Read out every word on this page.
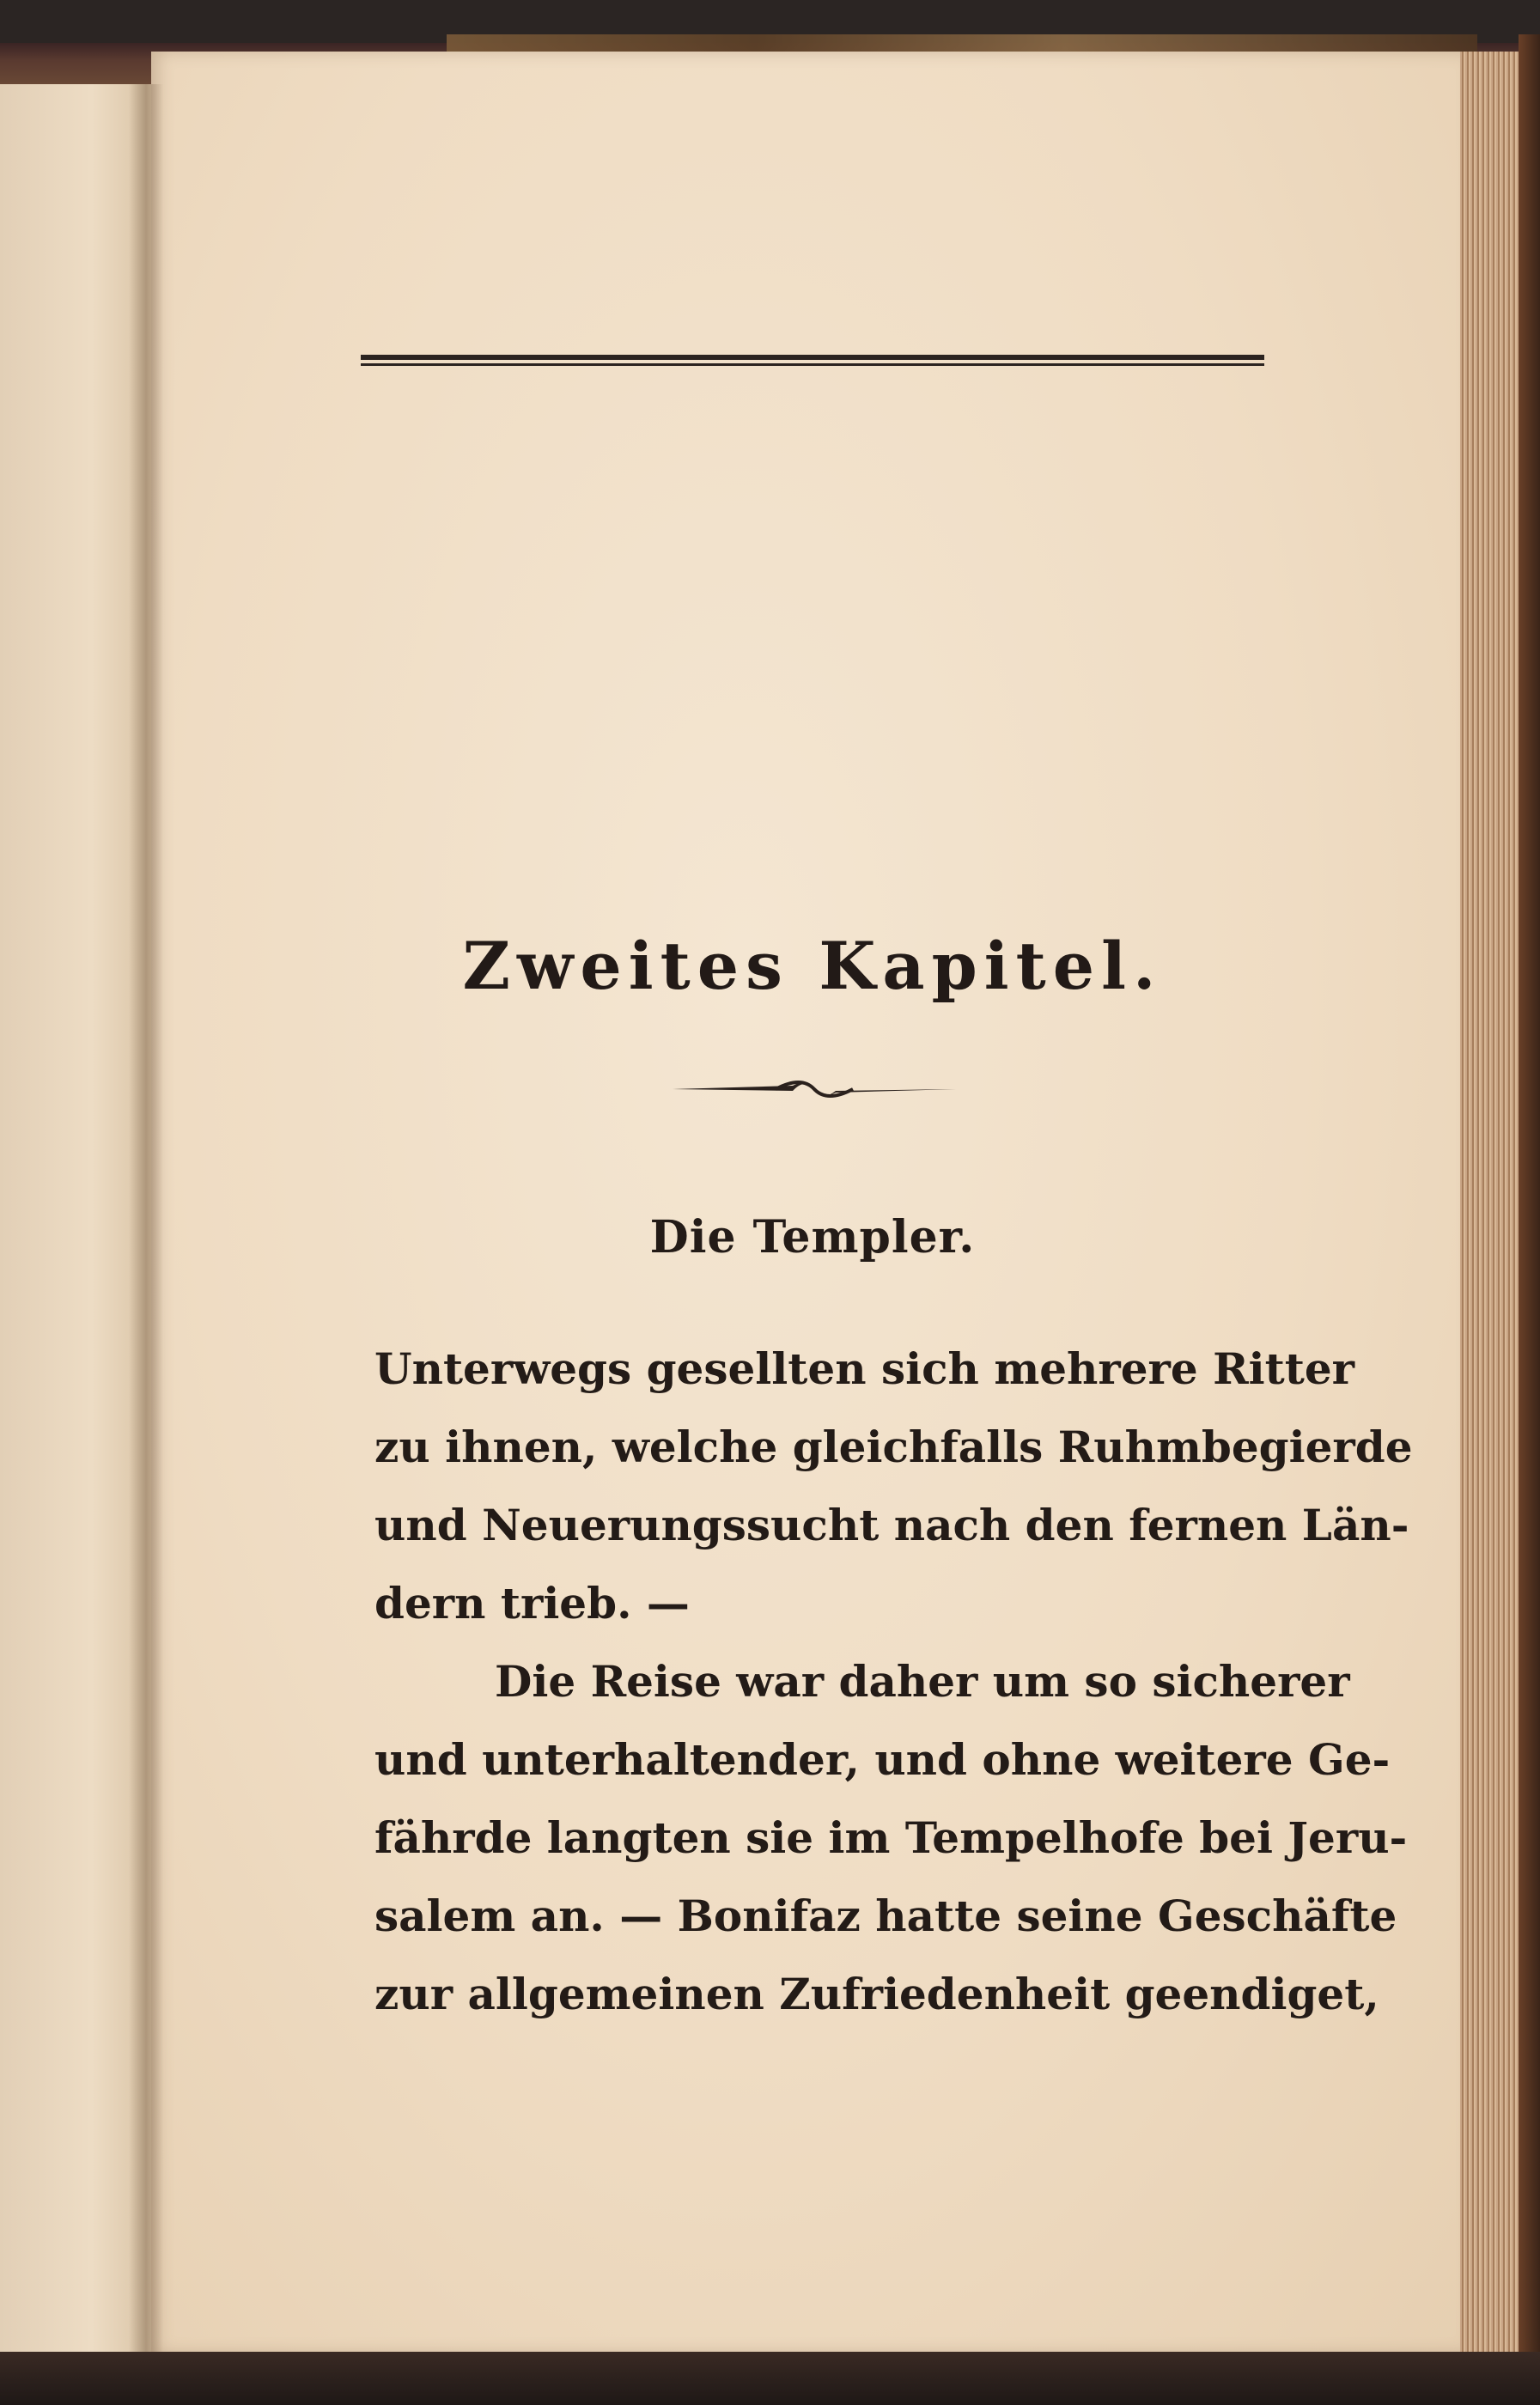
Zweites Kapitel.
Die Templer.
Unterwegs gesellten sich mehrere Ritter
zu ihnen, welche gleichfalls Ruhmbegierde
und Neuerungssucht nach den fernen Län-
dern trieb. —
Die Reise war daher um so sicherer
und unterhaltender, und ohne weitere Ge-
fährde langten sie im Tempelhofe bei Jeru-
salem an. — Bonifaz hatte seine Geschäfte
zur allgemeinen Zufriedenheit geendiget,
